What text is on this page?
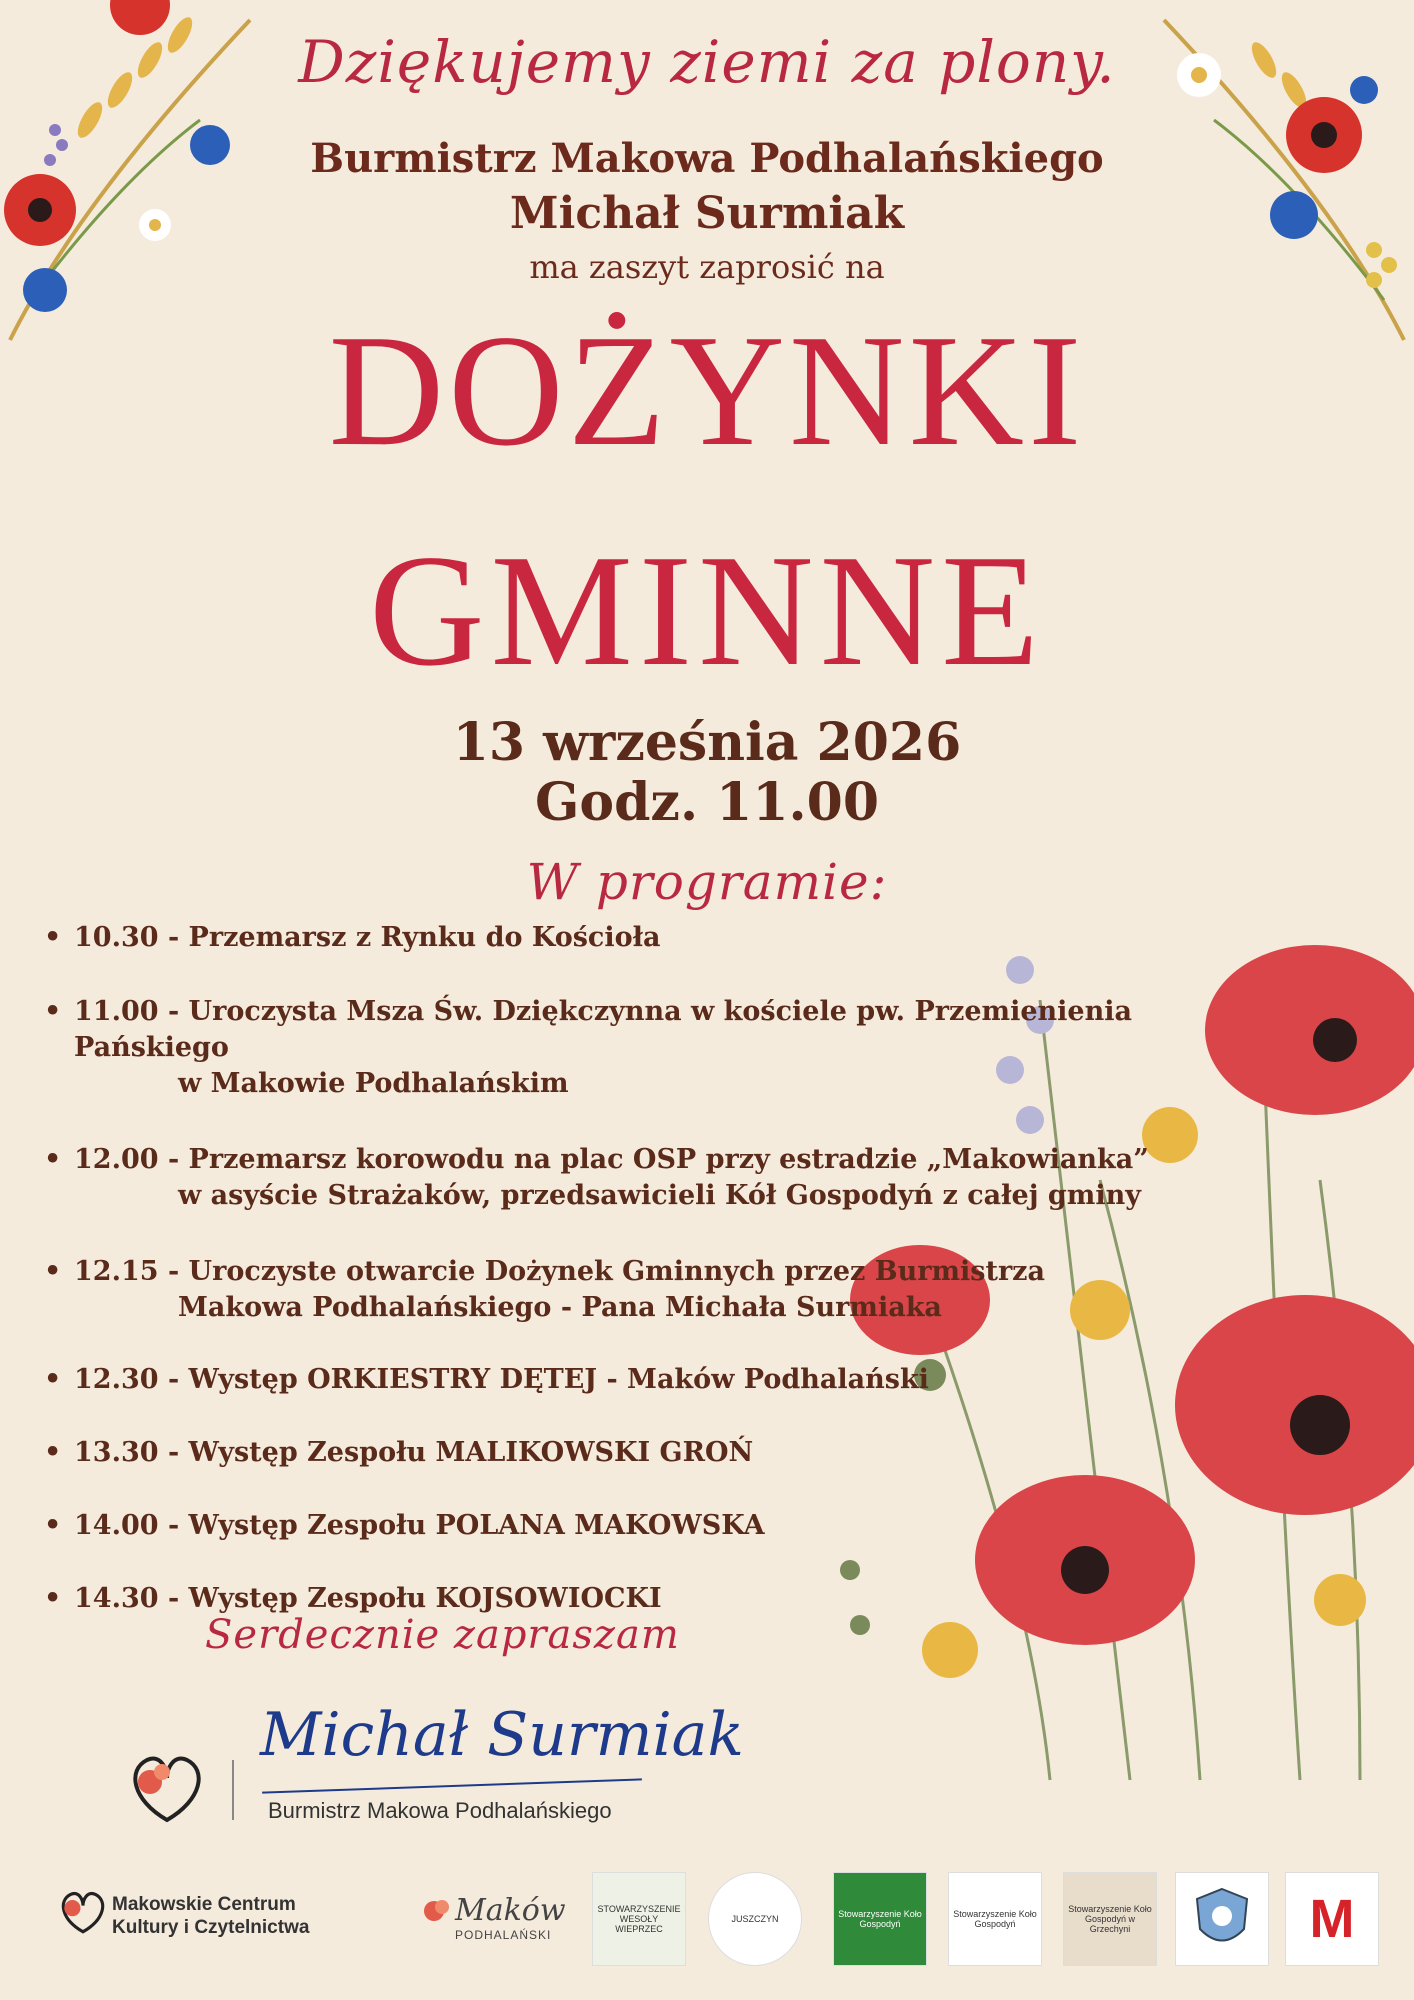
Dziękujemy ziemi za plony.
Burmistrz Makowa Podhalańskiego
Michał Surmiak
ma zaszyt zaprosić na
DOŻYNKI
GMINNE
13 września 2026
Godz. 11.00
W programie:
• 10.30 - Przemarsz z Rynku do Kościoła
• 11.00 - Uroczysta Msza Św. Dziękczynna w kościele pw. Przemienienia Pańskiego
w Makowie Podhalańskim
• 12.00 - Przemarsz korowodu na plac OSP przy estradzie „Makowianka”
w asyście Strażaków, przedsawicieli Kół Gospodyń z całej gminy
• 12.15 - Uroczyste otwarcie Dożynek Gminnych przez Burmistrza
Makowa Podhalańskiego - Pana Michała Surmiaka
• 12.30 - Występ ORKIESTRY DĘTEJ - Maków Podhalański
• 13.30 - Występ Zespołu MALIKOWSKI GROŃ
• 14.00 - Występ Zespołu POLANA MAKOWSKA
• 14.30 - Występ Zespołu KOJSOWIOCKI
Serdecznie zapraszam
Michał Surmiak
Burmistrz Makowa Podhalańskiego
Makowskie Centrum
Kultury i Czytelnictwa	Maków
PODHALAŃSKI
STOWARZYSZENIE WESOŁY WIEPRZEC
JUSZCZYN	Stowarzyszenie Koło Gospodyń
Stowarzyszenie Koło Gospodyń
Stowarzyszenie Koło Gospodyń w Grzechyni	M
